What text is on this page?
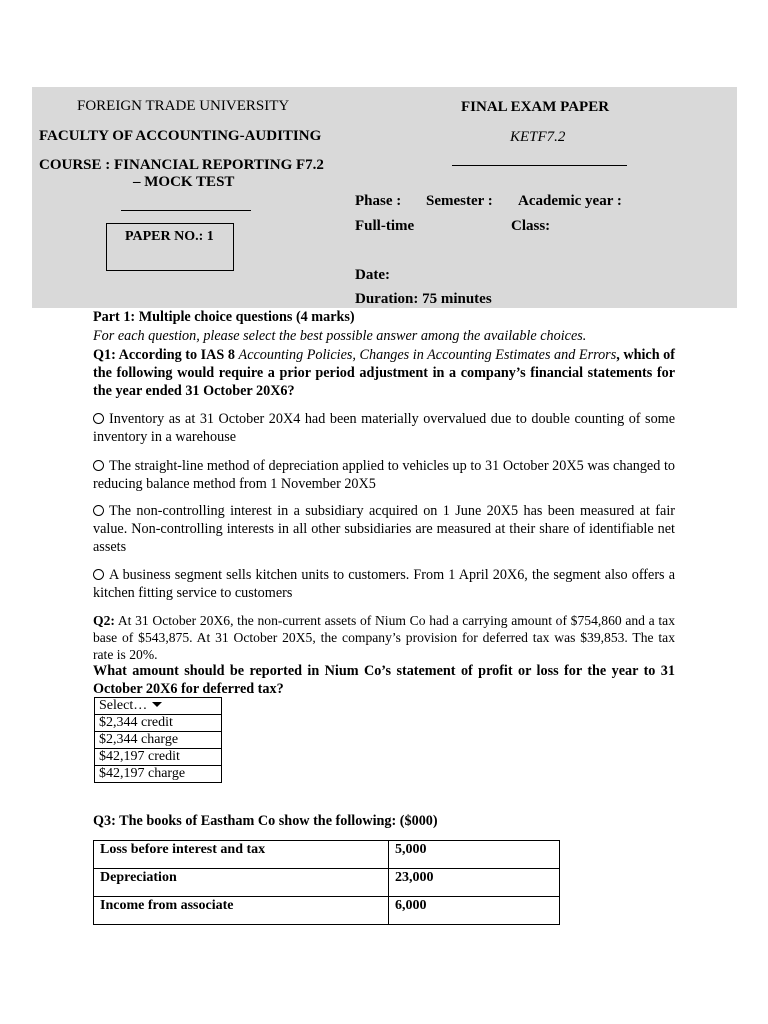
FOREIGN TRADE UNIVERSITY
FACULTY OF ACCOUNTING-AUDITING
COURSE : FINANCIAL REPORTING F7.2
– MOCK TEST
PAPER NO.: 1
FINAL EXAM PAPER
KETF7.2
Phase : Semester : Academic year :
Full-time	Class:
Date:
Duration: 75 minutes
Part 1: Multiple choice questions (4 marks)
For each question, please select the best possible answer among the available choices.
Q1: According to IAS 8 Accounting Policies, Changes in Accounting Estimates and Errors, which of the following would require a prior period adjustment in a company’s financial statements for the year ended 31 October 20X6?
Inventory as at 31 October 20X4 had been materially overvalued due to double counting of some inventory in a warehouse
The straight-line method of depreciation applied to vehicles up to 31 October 20X5 was changed to reducing balance method from 1 November 20X5
The non-controlling interest in a subsidiary acquired on 1 June 20X5 has been measured at fair value. Non-controlling interests in all other subsidiaries are measured at their share of identifiable net assets
A business segment sells kitchen units to customers. From 1 April 20X6, the segment also offers a kitchen fitting service to customers
Q2: At 31 October 20X6, the non-current assets of Nium Co had a carrying amount of $754,860 and a tax base of $543,875. At 31 October 20X5, the company’s provision for deferred tax was $39,853. The tax rate is 20%.
What amount should be reported in Nium Co’s statement of profit or loss for the year to 31 October 20X6 for deferred tax?
Select…
$2,344 credit
$2,344 charge
$42,197 credit
$42,197 charge
Q3: The books of Eastham Co show the following: ($000)
Loss before interest and tax	5,000
Depreciation	23,000
Income from associate	6,000
